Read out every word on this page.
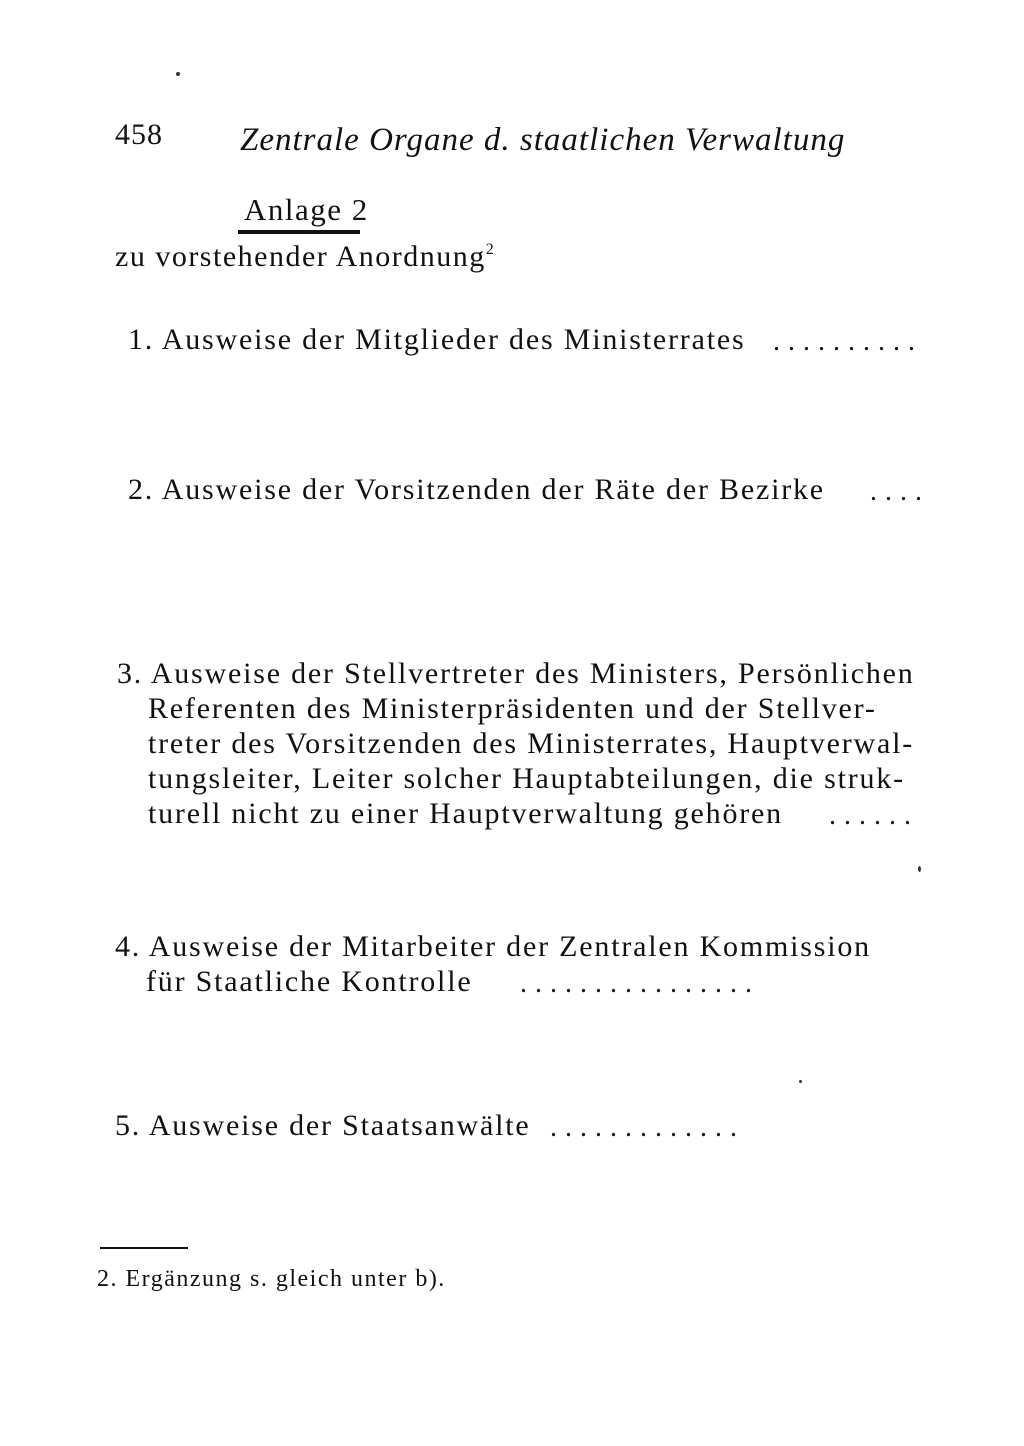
458 Zentrale Organe d. staatlichen Verwaltung
Anlage 2
zu vorstehender Anordnung$^2$
1. Ausweise der Mitglieder des Ministerrates ..........
2. Ausweise der Vorsitzenden der Räte der Bezirke ....
3. Ausweise der Stellvertreter des Ministers, Persönlichen
Referenten des Ministerpräsidenten und der Stellver-
treter des Vorsitzenden des Ministerrates, Hauptverwal-
tungsleiter, Leiter solcher Hauptabteilungen, die struk-
turell nicht zu einer Hauptverwaltung gehören	......
4. Ausweise der Mitarbeiter der Zentralen Kommission
für Staatliche Kontrolle	................
5. Ausweise der Staatsanwälte .............
2. Ergänzung s. gleich unter b).
